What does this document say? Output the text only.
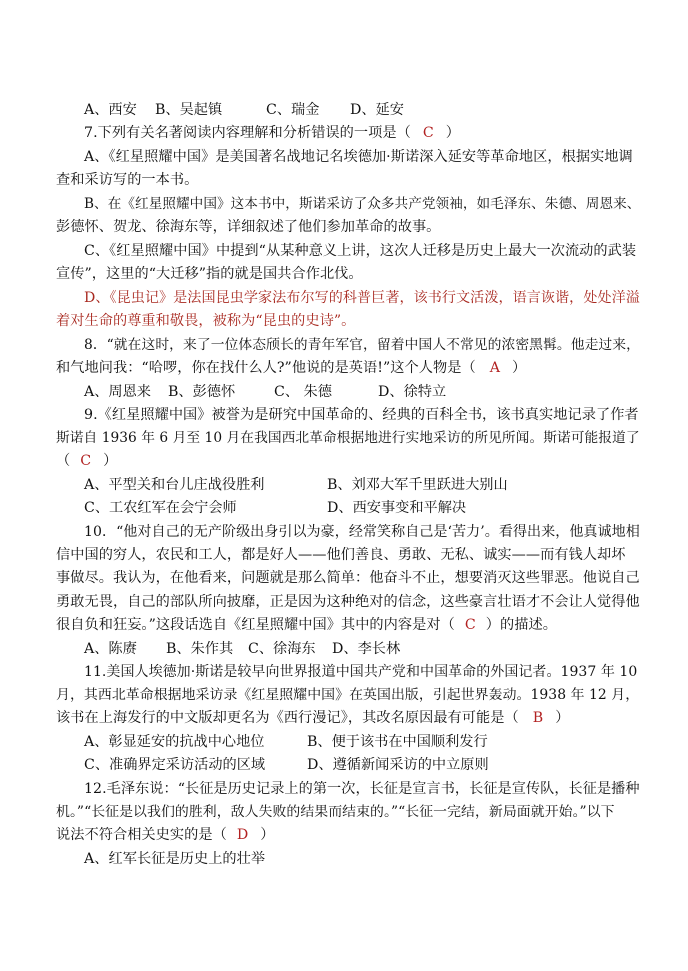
A、西安 B、吴起镇	C、瑞金 D、延安
7.下列有关名著阅读内容理解和分析错误的一项是（ C ）
A、《红星照耀中国》是美国著名战地记名埃德加·斯诺深入延安等革命地区，根据实地调
查和采访写的一本书。
B、在《红星照耀中国》这本书中，斯诺采访了众多共产党领袖，如毛泽东、朱德、周恩来、
彭德怀、贺龙、徐海东等，详细叙述了他们参加革命的故事。
C、《红星照耀中国》中提到“从某种意义上讲，这次人迁移是历史上最大一次流动的武装
宣传”，这里的“大迁移”指的就是国共合作北伐。
D、《昆虫记》是法国昆虫学家法布尔写的科普巨著，该书行文活泼，语言诙谐，处处洋溢
着对生命的尊重和敬畏，被称为“昆虫的史诗”。
8．“就在这时，来了一位体态颀长的青年军官，留着中国人不常见的浓密黑髯。他走过来，
和气地问我：“哈啰，你在找什么人?”他说的是英语!”这个人物是（ A ）
A、周恩来 B、彭德怀	C、 朱德	D、徐特立
9.《红星照耀中国》被誉为是研究中国革命的、经典的百科全书，该书真实地记录了作者
斯诺自 1936 年 6 月至 10 月在我国西北革命根据地进行实地采访的所见所闻。斯诺可能报道了
（ C ）
A、平型关和台儿庄战役胜利	B、刘邓大军千里跃进大别山
C、工农红军在会宁会师	D、西安事变和平解决
10．“他对自己的无产阶级出身引以为豪，经常笑称自己是‘苦力’。看得出来，他真诚地相
信中国的穷人，农民和工人，都是好人——他们善良、勇敢、无私、诚实——而有钱人却坏
事做尽。我认为，在他看来，问题就是那么简单：他奋斗不止，想要消灭这些罪恶。他说自己
勇敢无畏，自己的部队所向披靡，正是因为这种绝对的信念，这些豪言壮语才不会让人觉得他
很自负和狂妄。”这段话选自《红星照耀中国》其中的内容是对（ C ）的描述。
A、陈赓 B、朱作其 C、徐海东 D、李长林
11.美国人埃德加·斯诺是较早向世界报道中国共产党和中国革命的外国记者。1937 年 10
月，其西北革命根据地采访录《红星照耀中国》在英国出版，引起世界轰动。1938 年 12 月，
该书在上海发行的中文版却更名为《西行漫记》，其改名原因最有可能是（ B ）
A、彰显延安的抗战中心地位	B、便于该书在中国顺利发行
C、准确界定采访活动的区域	D、遵循新闻采访的中立原则
12.毛泽东说：“长征是历史记录上的第一次，长征是宣言书，长征是宣传队，长征是播种
机。”“长征是以我们的胜利，敌人失败的结果而结束的。”“长征一完结，新局面就开始。”以下
说法不符合相关史实的是（ D ）
A、红军长征是历史上的壮举
